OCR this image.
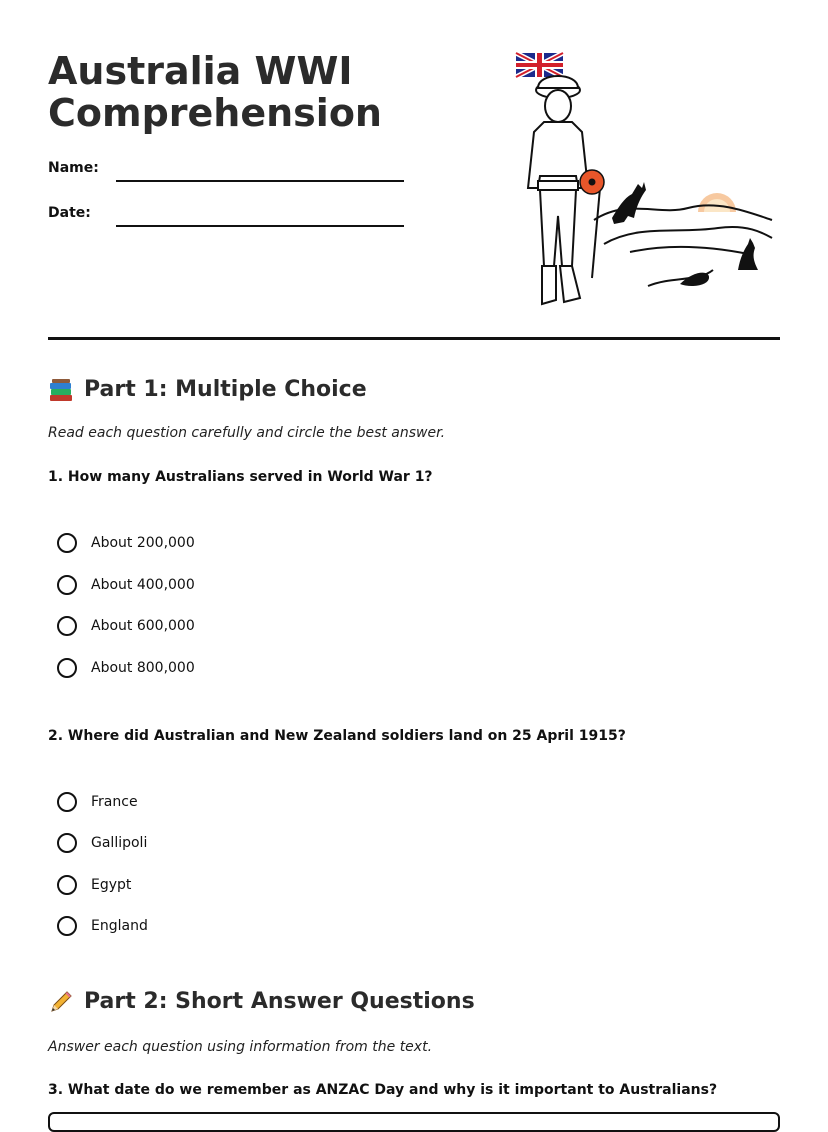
Australia WWI
Comprehension
Name:
Date:
Part 1: Multiple Choice
Read each question carefully and circle the best answer.
1. How many Australians served in World War 1?
About 200,000
About 400,000
About 600,000
About 800,000
2. Where did Australian and New Zealand soldiers land on 25 April 1915?
France
Gallipoli
Egypt
England
Part 2: Short Answer Questions
Answer each question using information from the text.
3. What date do we remember as ANZAC Day and why is it important to Australians?
